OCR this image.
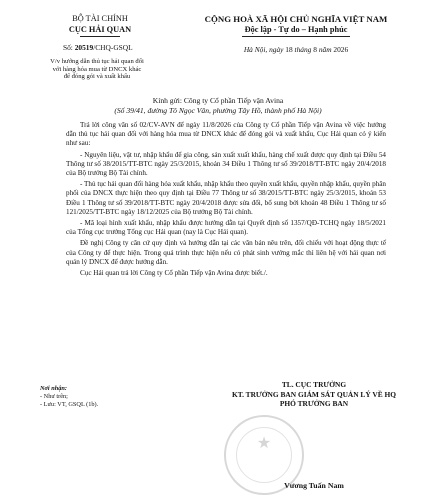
BỘ TÀI CHÍNH
CỤC HẢI QUAN
Số: 20519/CHQ-GSQL
V/v hướng dẫn thủ tục hải quan đối
với hàng hóa mua từ DNCX khác
để đóng gói và xuất khẩu
CỘNG HOÀ XÃ HỘI CHỦ NGHĨA VIỆT NAM
Độc lập - Tự do – Hạnh phúc
Hà Nội, ngày 18 tháng 8 năm 2026
Kính gửi: Công ty Cổ phần Tiếp vận Avina
(Số 39/41, đường Tô Ngọc Vân, phường Tây Hồ, thành phố Hà Nội)

Trả lời công văn số 02/CV-AVN để ngày 11/8/2026 của Công ty Cổ phần Tiếp vận Avina về việc hướng dẫn thủ tục hải quan đối với hàng hóa mua từ DNCX khác để đóng gói và xuất khẩu, Cục Hải quan có ý kiến như sau:

- Nguyên liệu, vật tư, nhập khẩu để gia công, sản xuất xuất khẩu, hàng chế xuất được quy định tại Điều 54 Thông tư số 38/2015/TT-BTC ngày 25/3/2015, khoản 34 Điều 1 Thông tư số 39/2018/TT-BTC ngày 20/4/2018 của Bộ trưởng Bộ Tài chính.

- Thủ tục hải quan đối hàng hóa xuất khẩu, nhập khẩu theo quyền xuất khẩu, quyền nhập khẩu, quyền phân phối của DNCX thực hiện theo quy định tại Điều 77 Thông tư số 38/2015/TT-BTC ngày 25/3/2015, khoản 53 Điều 1 Thông tư số 39/2018/TT-BTC ngày 20/4/2018 được sửa đổi, bổ sung bởi khoản 48 Điều 1 Thông tư số 121/2025/TT-BTC ngày 18/12/2025 của Bộ trưởng Bộ Tài chính.

- Mã loại hình xuất khẩu, nhập khẩu được hướng dẫn tại Quyết định số 1357/QĐ-TCHQ ngày 18/5/2021 của Tổng cục trưởng Tổng cục Hải quan (nay là Cục Hải quan).

Đề nghị Công ty căn cứ quy định và hướng dẫn tại các văn bản nêu trên, đối chiếu với hoạt động thực tế của Công ty để thực hiện. Trong quá trình thực hiện nếu có phát sinh vướng mắc thì liên hệ với hải quan nơi quản lý DNCX để được hướng dẫn.

Cục Hải quan trả lời Công ty Cổ phần Tiếp vận Avina được biết./.

Nơi nhận:
- Như trên;
- Lưu: VT, GSQL (1b).
★
TL. CỤC TRƯỞNG
KT. TRƯỞNG BAN GIÁM SÁT QUẢN LÝ VỀ HQ
PHÓ TRƯỞNG BAN
Vương Tuấn Nam
